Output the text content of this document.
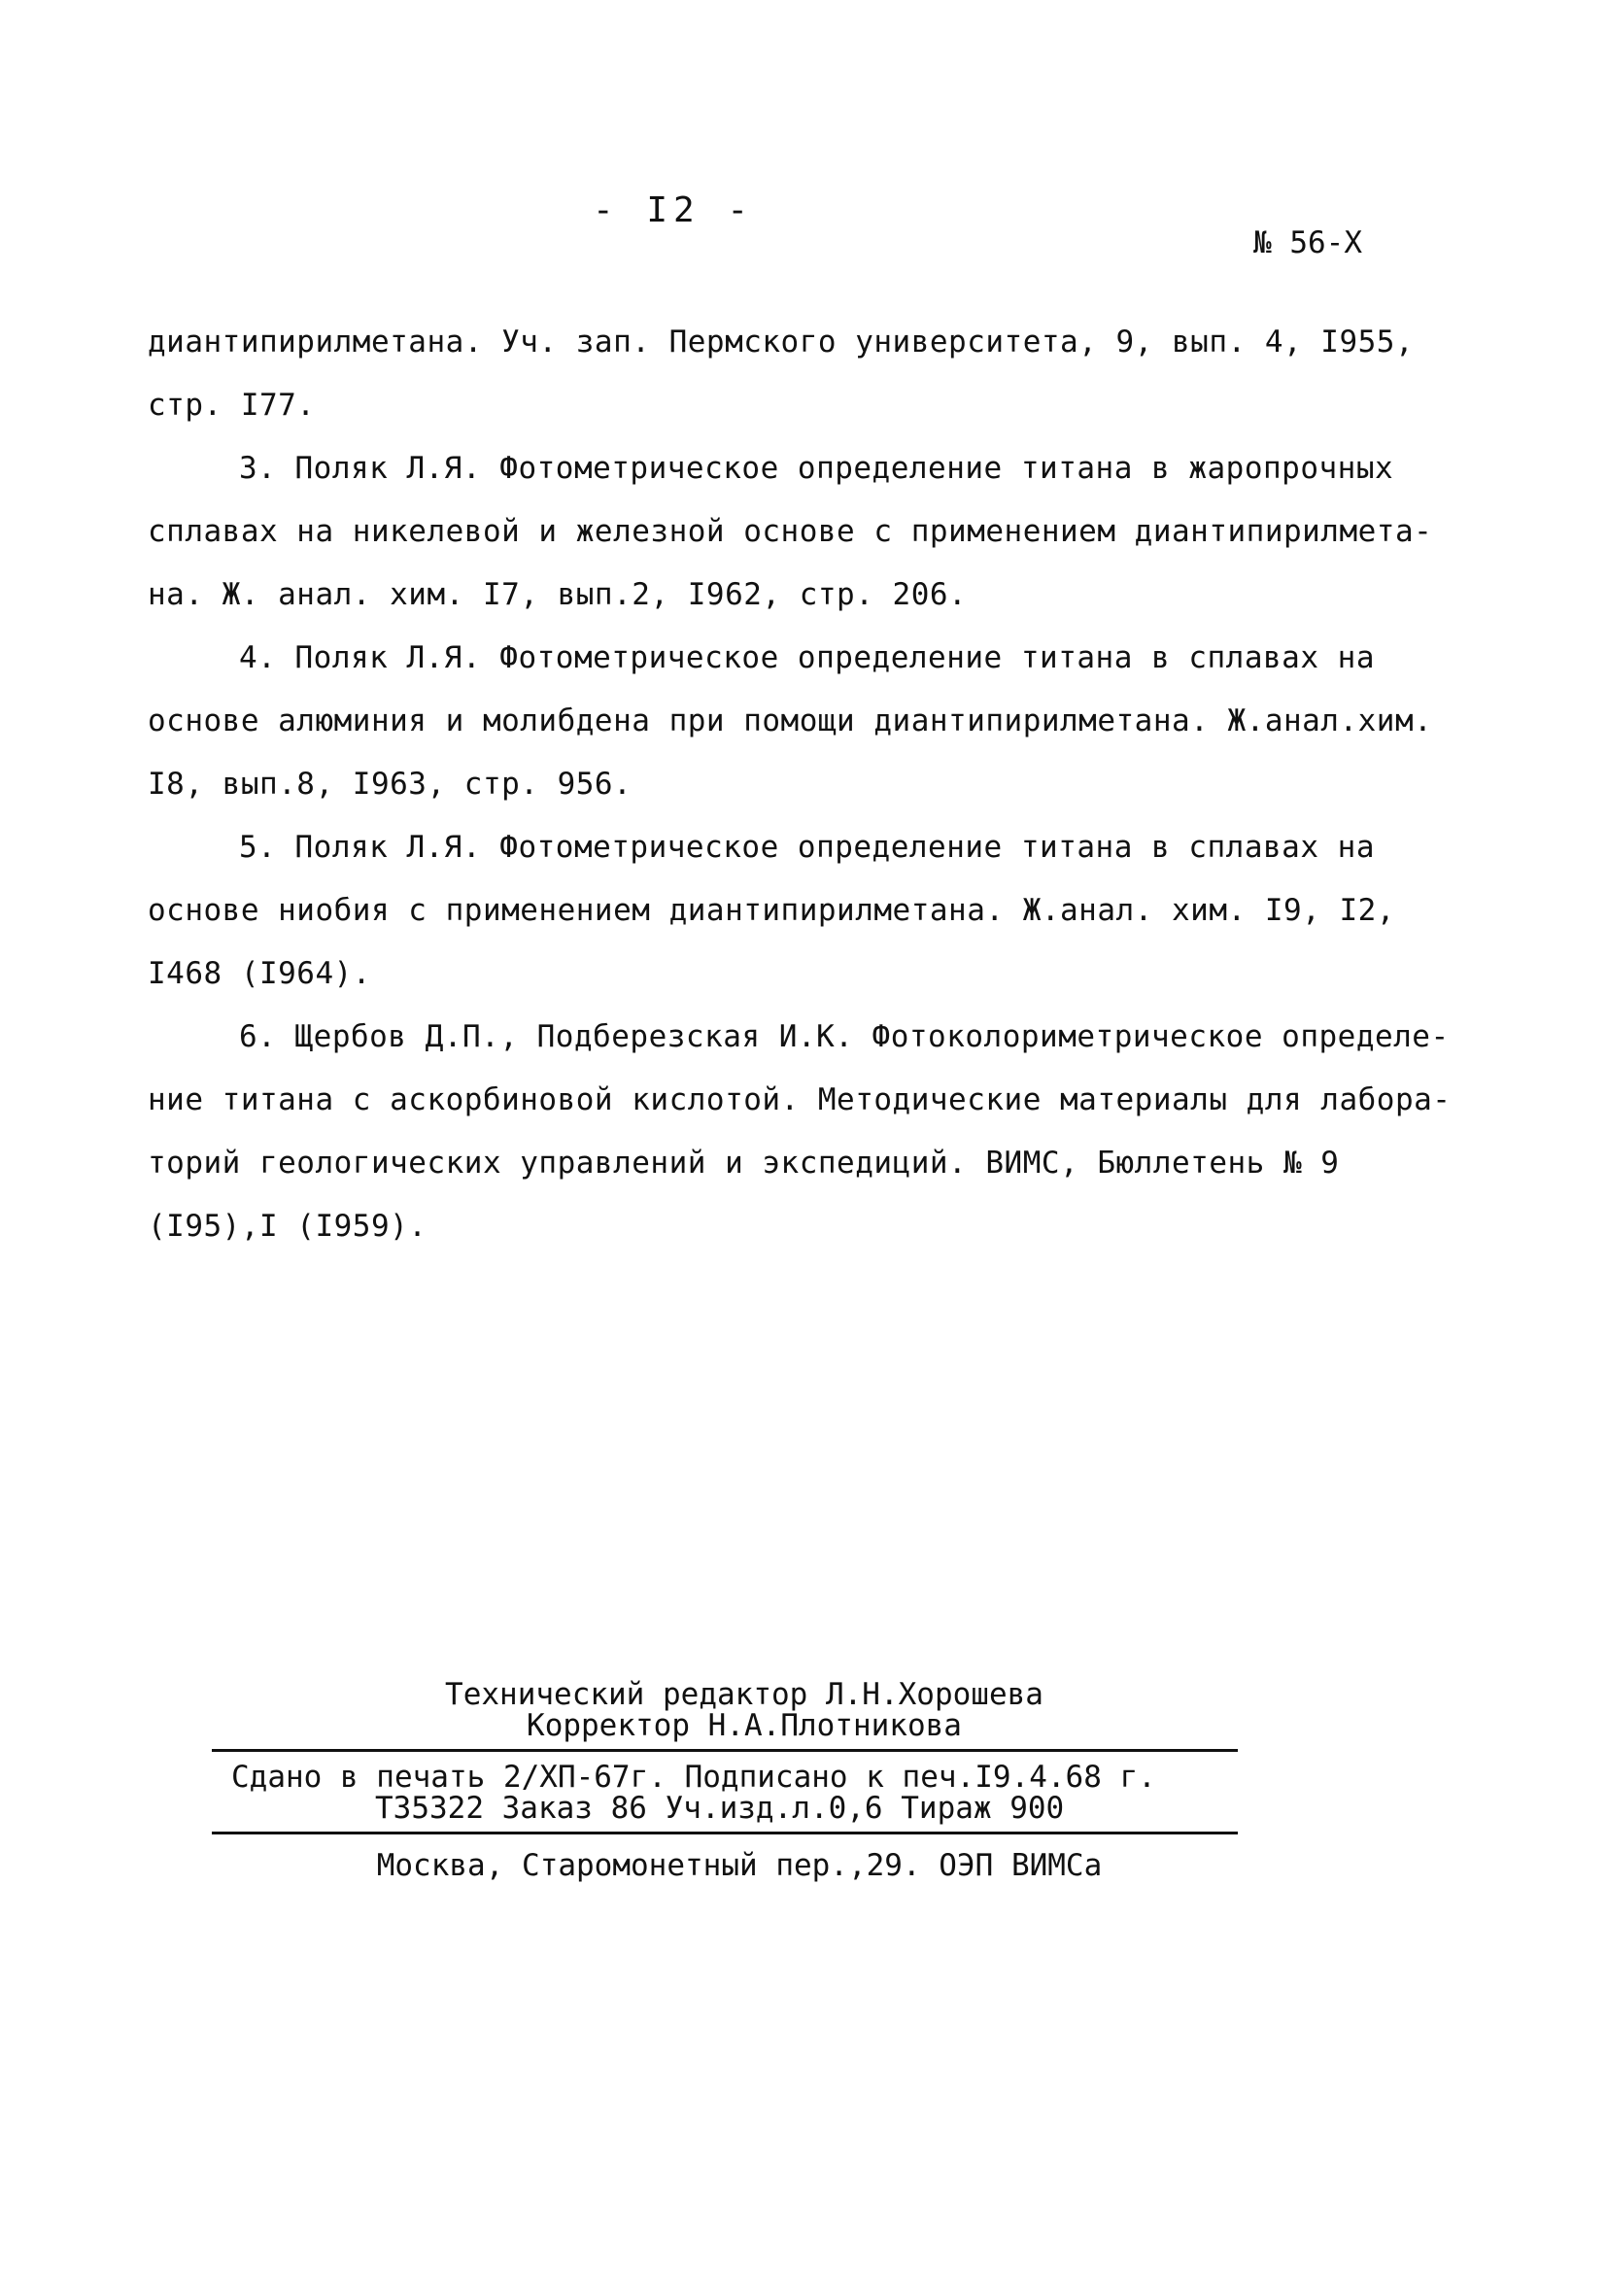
- I2 -
№ 56-Х
диантипирилметана. Уч. зап. Пермского университета, 9, вып. 4, I955,
стр. I77.
3. Поляк Л.Я. Фотометрическое определение титана в жаропрочных
сплавах на никелевой и железной основе с применением диантипирилмета-
на. Ж. анал. хим. I7, вып.2, I962, стр. 206.
4. Поляк Л.Я. Фотометрическое определение титана в сплавах на
основе алюминия и молибдена при помощи диантипирилметана. Ж.анал.хим.
I8, вып.8, I963, стр. 956.
5. Поляк Л.Я. Фотометрическое определение титана в сплавах на
основе ниобия с применением диантипирилметана. Ж.анал. хим. I9, I2,
I468 (I964).
6. Щербов Д.П., Подберезская И.К. Фотоколориметрическое определе-
ние титана с аскорбиновой кислотой. Методические материалы для лабора-
торий геологических управлений и экспедиций. ВИМС, Бюллетень № 9
(I95),I (I959).
Технический редактор Л.Н.Хорошева
Корректор Н.А.Плотникова
Сдано в печать 2/ХП-67г. Подписано к печ.I9.4.68 г.
Т35322 Заказ 86 Уч.изд.л.0,6 Тираж 900
Москва, Старомонетный пер.,29. ОЭП ВИМСа
